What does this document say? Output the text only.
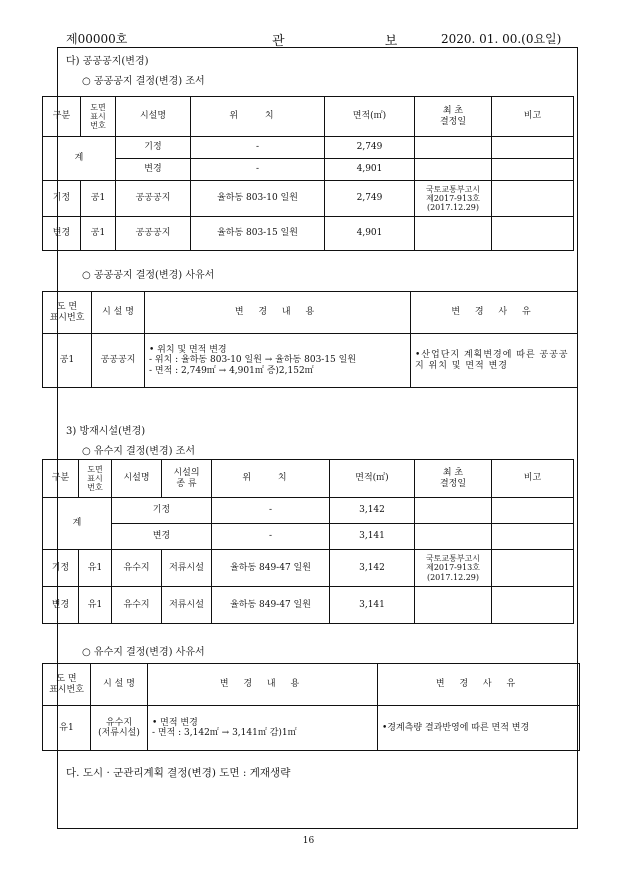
제00000호	관 보
2020. 01. 00.(0요일)
다) 공공공지(변경)
○ 공공공지 결정(변경) 조서
구분	도면
표시
번호	시설명	위 치	면적(㎡)	최 초
결정일	비고
계		기정	-	2,749		
		변경	-	4,901		
기정	공1	공공공지	율하동 803-10 일원	2,749	국토교통부고시
제2017-913호
(2017.12.29)	
변경	공1	공공공지	율하동 803-15 일원	4,901		
○ 공공공지 결정(변경) 사유서
도 면
표시번호	시 설 명	변 경 내 용	변 경 사 유
공1	공공공지	• 위치 및 면적 변경
- 위치 : 율하동 803-10 일원 → 율하동 803-15 일원
- 면적 : 2,749㎡ → 4,901㎡ 증)2,152㎡	•산업단지 계획변경에 따른 공공공지 위치 및 면적 변경
3) 방재시설(변경)
○ 유수지 결정(변경) 조서
구분	도면
표시
번호	시설명	시설의
종 류	위 치	면적(㎡)	최 초
결정일	비고
계		기정		-	3,142		
		변경		-	3,141		
기정	유1	유수지	저류시설	율하동 849-47 일원	3,142	국토교통부고시
제2017-913호
(2017.12.29)	
변경	유1	유수지	저류시설	율하동 849-47 일원	3,141		
○ 유수지 결정(변경) 사유서
도 면
표시번호	시 설 명	변 경 내 용	변 경 사 유
유1	유수지
(저류시설)	• 면적 변경
- 면적 : 3,142㎡ → 3,141㎡ 감)1㎡	•경계측량 결과반영에 따른 면적 변경
다. 도시 · 군관리계획 결정(변경) 도면 : 게재생략
16
